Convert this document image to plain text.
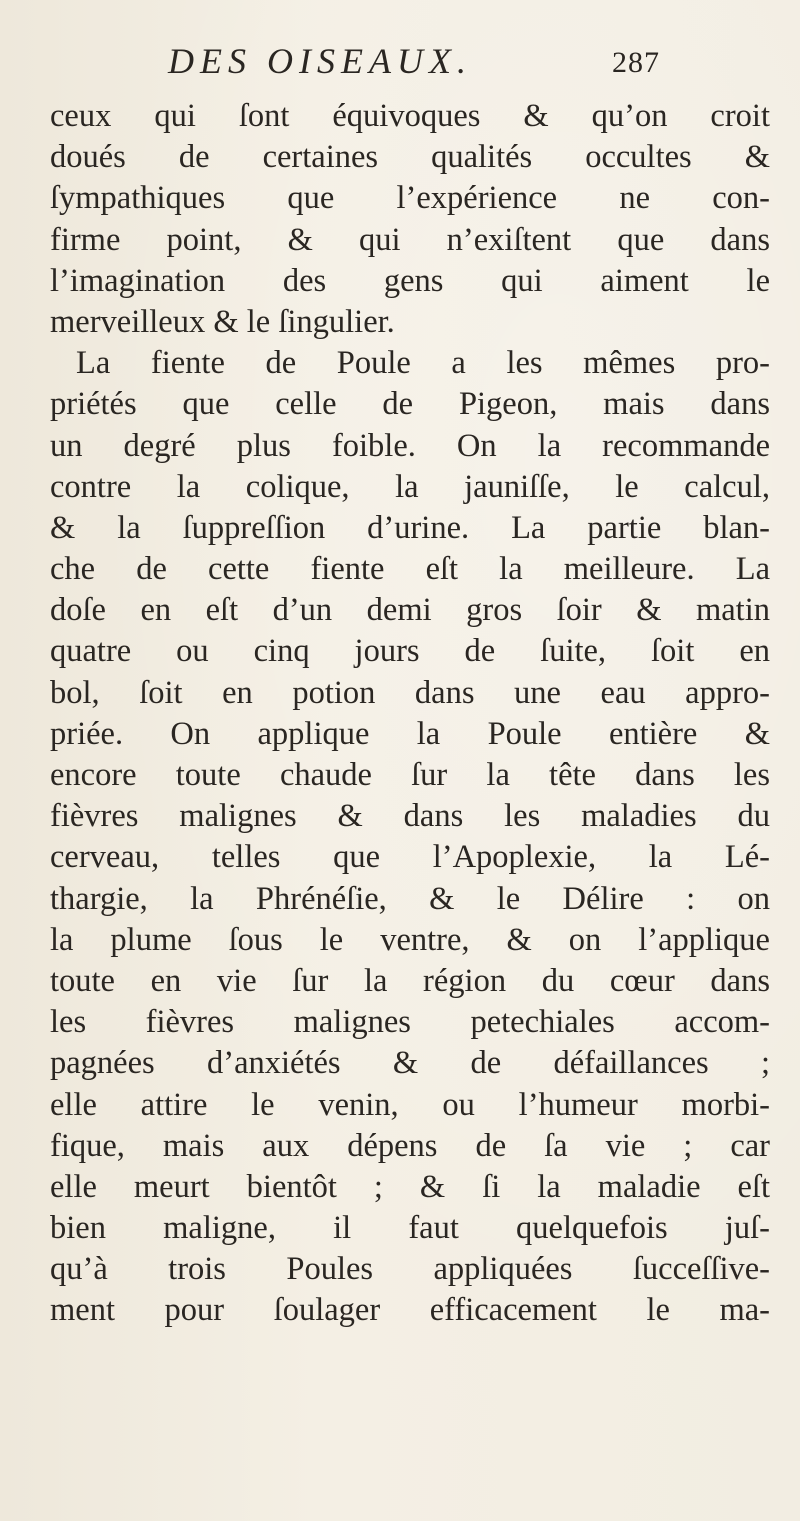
DES OISEAUX.	287
ceux qui ſont équivoques & qu’on croit
doués de certaines qualités occultes &
ſympathiques que l’expérience ne con-
firme point, & qui n’exiſtent que dans
l’imagination des gens qui aiment le
merveilleux & le ſingulier.
La fiente de Poule a les mêmes pro-
priétés que celle de Pigeon, mais dans
un degré plus foible. On la recommande
contre la colique, la jauniſſe, le calcul,
& la ſuppreſſion d’urine. La partie blan-
che de cette fiente eſt la meilleure. La
doſe en eſt d’un demi gros ſoir & matin
quatre ou cinq jours de ſuite, ſoit en
bol, ſoit en potion dans une eau appro-
priée. On applique la Poule entière &
encore toute chaude ſur la tête dans les
fièvres malignes & dans les maladies du
cerveau, telles que l’Apoplexie, la Lé-
thargie, la Phrénéſie, & le Délire : on
la plume ſous le ventre, & on l’applique
toute en vie ſur la région du cœur dans
les fièvres malignes petechiales accom-
pagnées d’anxiétés & de défaillances ;
elle attire le venin, ou l’humeur morbi-
fique, mais aux dépens de ſa vie ; car
elle meurt bientôt ; & ſi la maladie eſt
bien maligne, il faut quelquefois juſ-
qu’à trois Poules appliquées ſucceſſive-
ment pour ſoulager efficacement le ma-
